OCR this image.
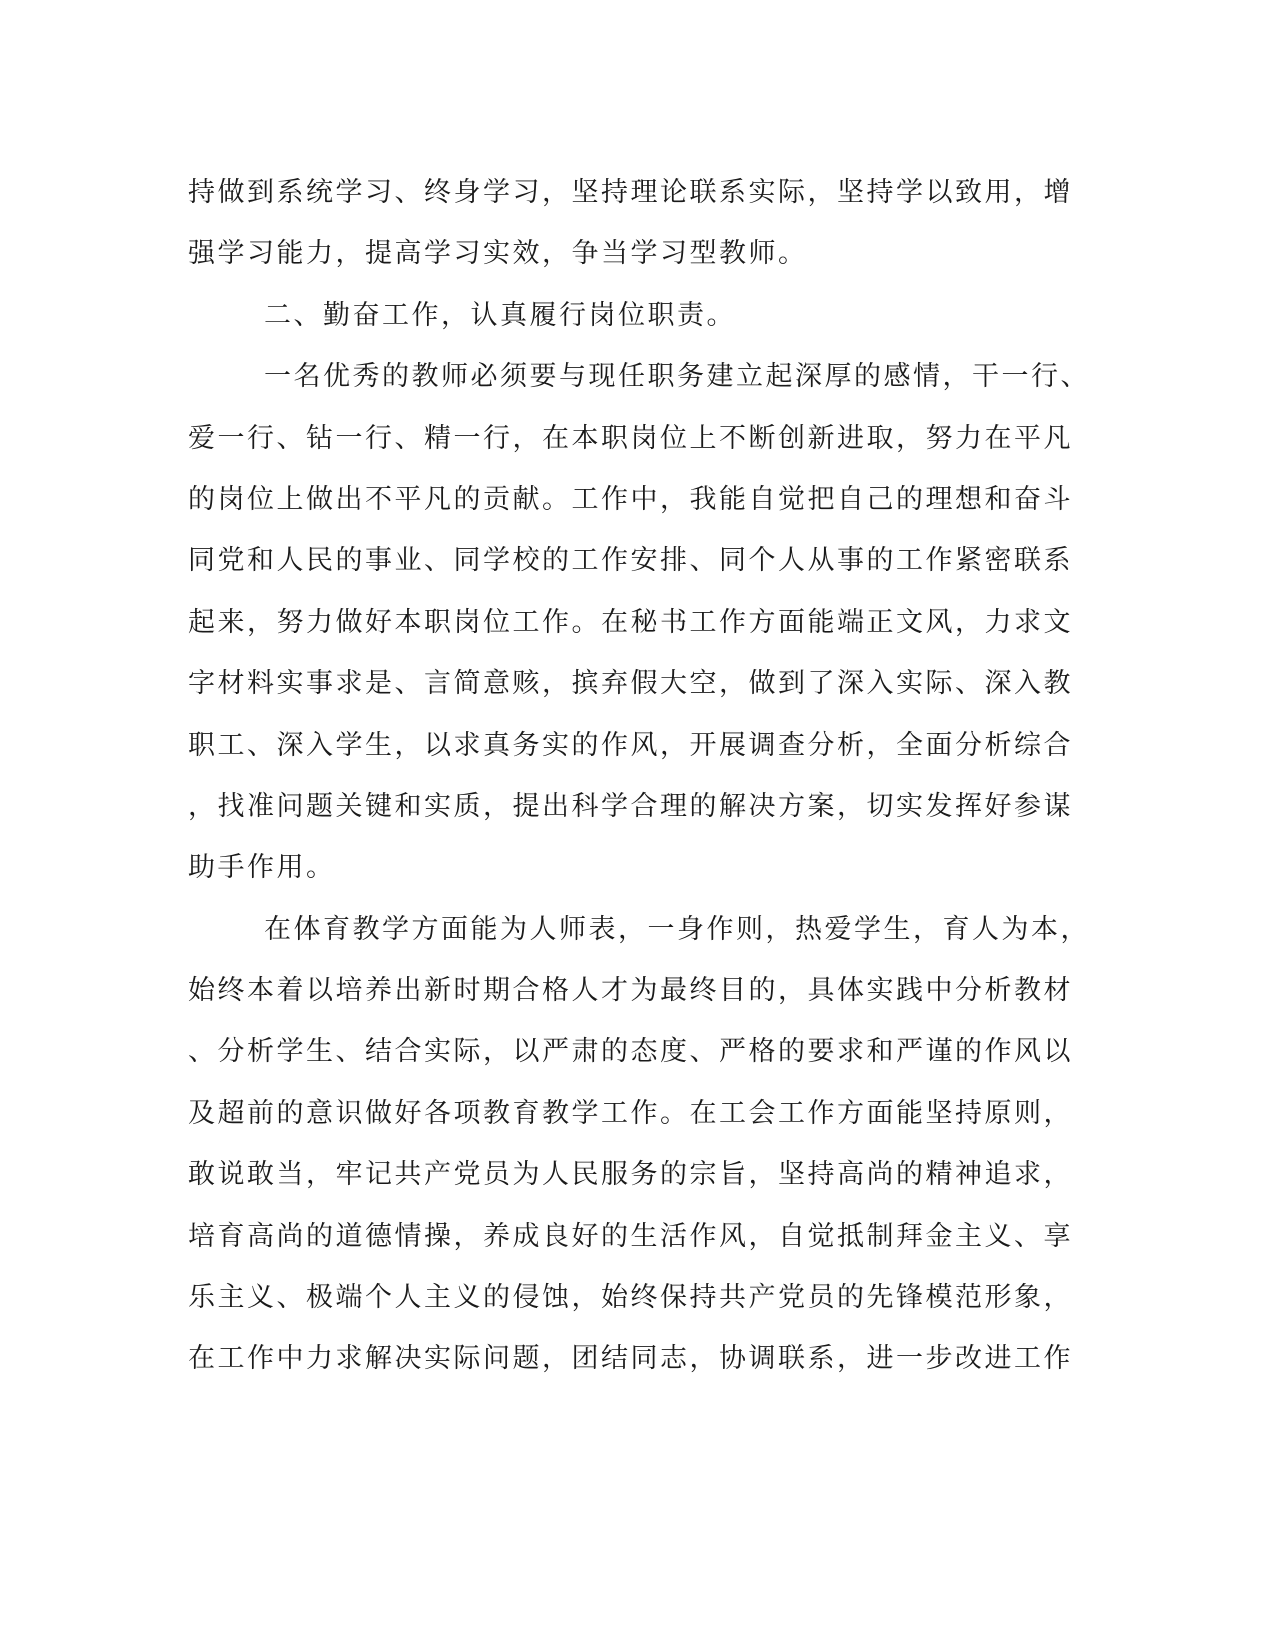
持做到系统学习、终身学习，坚持理论联系实际，坚持学以致用，增
强学习能力，提高学习实效，争当学习型教师。
二、勤奋工作，认真履行岗位职责。
一名优秀的教师必须要与现任职务建立起深厚的感情，干一行、
爱一行、钻一行、精一行，在本职岗位上不断创新进取，努力在平凡
的岗位上做出不平凡的贡献。工作中，我能自觉把自己的理想和奋斗
同党和人民的事业、同学校的工作安排、同个人从事的工作紧密联系
起来，努力做好本职岗位工作。在秘书工作方面能端正文风，力求文
字材料实事求是、言简意赅，摈弃假大空，做到了深入实际、深入教
职工、深入学生，以求真务实的作风，开展调查分析，全面分析综合
，找准问题关键和实质，提出科学合理的解决方案，切实发挥好参谋
助手作用。
在体育教学方面能为人师表，一身作则，热爱学生，育人为本，
始终本着以培养出新时期合格人才为最终目的，具体实践中分析教材
、分析学生、结合实际，以严肃的态度、严格的要求和严谨的作风以
及超前的意识做好各项教育教学工作。在工会工作方面能坚持原则，
敢说敢当，牢记共产党员为人民服务的宗旨，坚持高尚的精神追求，
培育高尚的道德情操，养成良好的生活作风，自觉抵制拜金主义、享
乐主义、极端个人主义的侵蚀，始终保持共产党员的先锋模范形象，
在工作中力求解决实际问题，团结同志，协调联系，进一步改进工作
